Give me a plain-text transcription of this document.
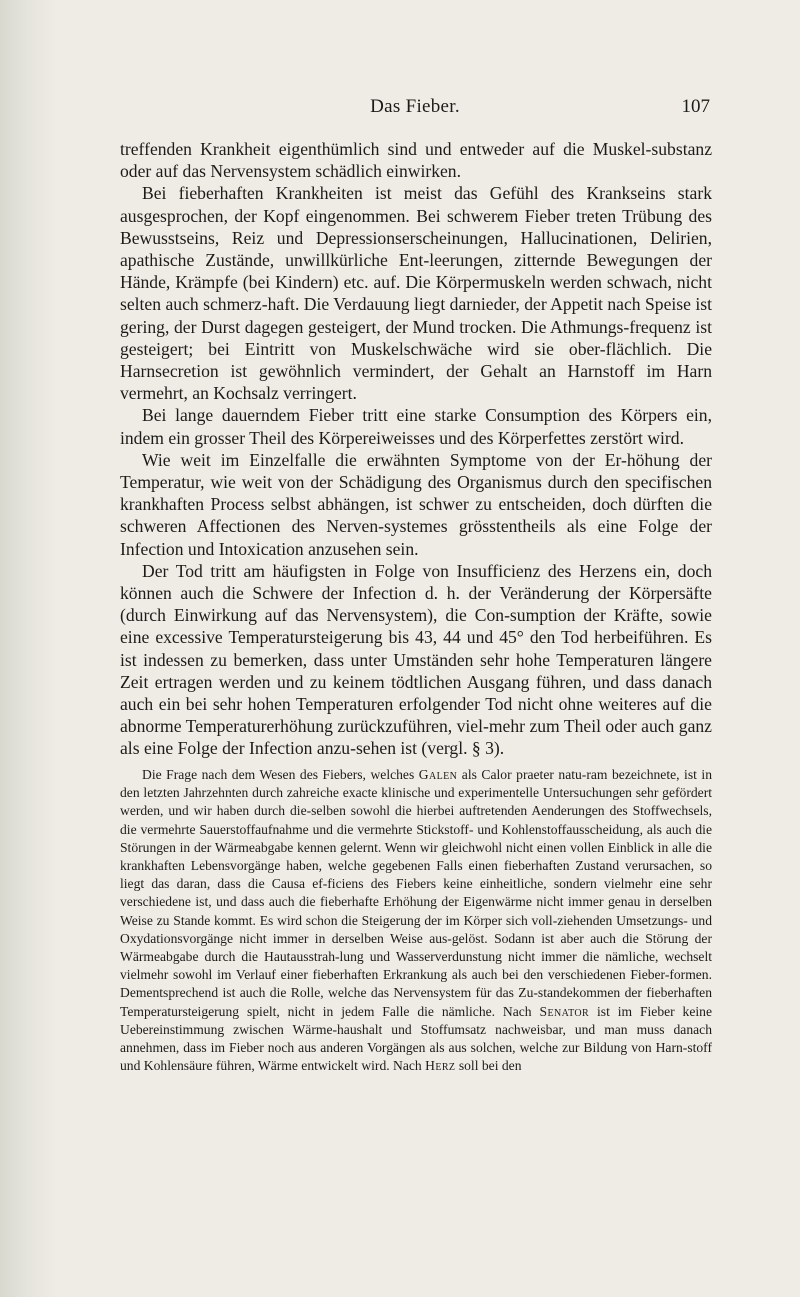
Das Fieber.	107

treffenden Krankheit eigenthümlich sind und entweder auf die Muskel-substanz oder auf das Nervensystem schädlich einwirken.

Bei fieberhaften Krankheiten ist meist das Gefühl des Krankseins stark ausgesprochen, der Kopf eingenommen. Bei schwerem Fieber treten Trübung des Bewusstseins, Reiz und Depressionserscheinungen, Hallucinationen, Delirien, apathische Zustände, unwillkürliche Ent-leerungen, zitternde Bewegungen der Hände, Krämpfe (bei Kindern) etc. auf. Die Körpermuskeln werden schwach, nicht selten auch schmerz-haft. Die Verdauung liegt darnieder, der Appetit nach Speise ist gering, der Durst dagegen gesteigert, der Mund trocken. Die Athmungs-frequenz ist gesteigert; bei Eintritt von Muskelschwäche wird sie ober-flächlich. Die Harnsecretion ist gewöhnlich vermindert, der Gehalt an Harnstoff im Harn vermehrt, an Kochsalz verringert.

Bei lange dauerndem Fieber tritt eine starke Consumption des Körpers ein, indem ein grosser Theil des Körpereiweisses und des Körperfettes zerstört wird.

Wie weit im Einzelfalle die erwähnten Symptome von der Er-höhung der Temperatur, wie weit von der Schädigung des Organismus durch den specifischen krankhaften Process selbst abhängen, ist schwer zu entscheiden, doch dürften die schweren Affectionen des Nerven-systemes grösstentheils als eine Folge der Infection und Intoxication anzusehen sein.

Der Tod tritt am häufigsten in Folge von Insufficienz des Herzens ein, doch können auch die Schwere der Infection d. h. der Veränderung der Körpersäfte (durch Einwirkung auf das Nervensystem), die Con-sumption der Kräfte, sowie eine excessive Temperatursteigerung bis 43, 44 und 45° den Tod herbeiführen. Es ist indessen zu bemerken, dass unter Umständen sehr hohe Temperaturen längere Zeit ertragen werden und zu keinem tödtlichen Ausgang führen, und dass danach auch ein bei sehr hohen Temperaturen erfolgender Tod nicht ohne weiteres auf die abnorme Temperaturerhöhung zurückzuführen, viel-mehr zum Theil oder auch ganz als eine Folge der Infection anzu-sehen ist (vergl. § 3).

Die Frage nach dem Wesen des Fiebers, welches Galen als Calor praeter natu-ram bezeichnete, ist in den letzten Jahrzehnten durch zahreiche exacte klinische und experimentelle Untersuchungen sehr gefördert werden, und wir haben durch die-selben sowohl die hierbei auftretenden Aenderungen des Stoffwechsels, die vermehrte Sauerstoffaufnahme und die vermehrte Stickstoff- und Kohlenstoffausscheidung, als auch die Störungen in der Wärmeabgabe kennen gelernt. Wenn wir gleichwohl nicht einen vollen Einblick in alle die krankhaften Lebensvorgänge haben, welche gegebenen Falls einen fieberhaften Zustand verursachen, so liegt das daran, dass die Causa ef-ficiens des Fiebers keine einheitliche, sondern vielmehr eine sehr verschiedene ist, und dass auch die fieberhafte Erhöhung der Eigenwärme nicht immer genau in derselben Weise zu Stande kommt. Es wird schon die Steigerung der im Körper sich voll-ziehenden Umsetzungs- und Oxydationsvorgänge nicht immer in derselben Weise aus-gelöst. Sodann ist aber auch die Störung der Wärmeabgabe durch die Hautausstrah-lung und Wasserverdunstung nicht immer die nämliche, wechselt vielmehr sowohl im Verlauf einer fieberhaften Erkrankung als auch bei den verschiedenen Fieber-formen. Dementsprechend ist auch die Rolle, welche das Nervensystem für das Zu-standekommen der fieberhaften Temperatursteigerung spielt, nicht in jedem Falle die nämliche. Nach Senator ist im Fieber keine Uebereinstimmung zwischen Wärme-haushalt und Stoffumsatz nachweisbar, und man muss danach annehmen, dass im Fieber noch aus anderen Vorgängen als aus solchen, welche zur Bildung von Harn-stoff und Kohlensäure führen, Wärme entwickelt wird. Nach Herz soll bei den
